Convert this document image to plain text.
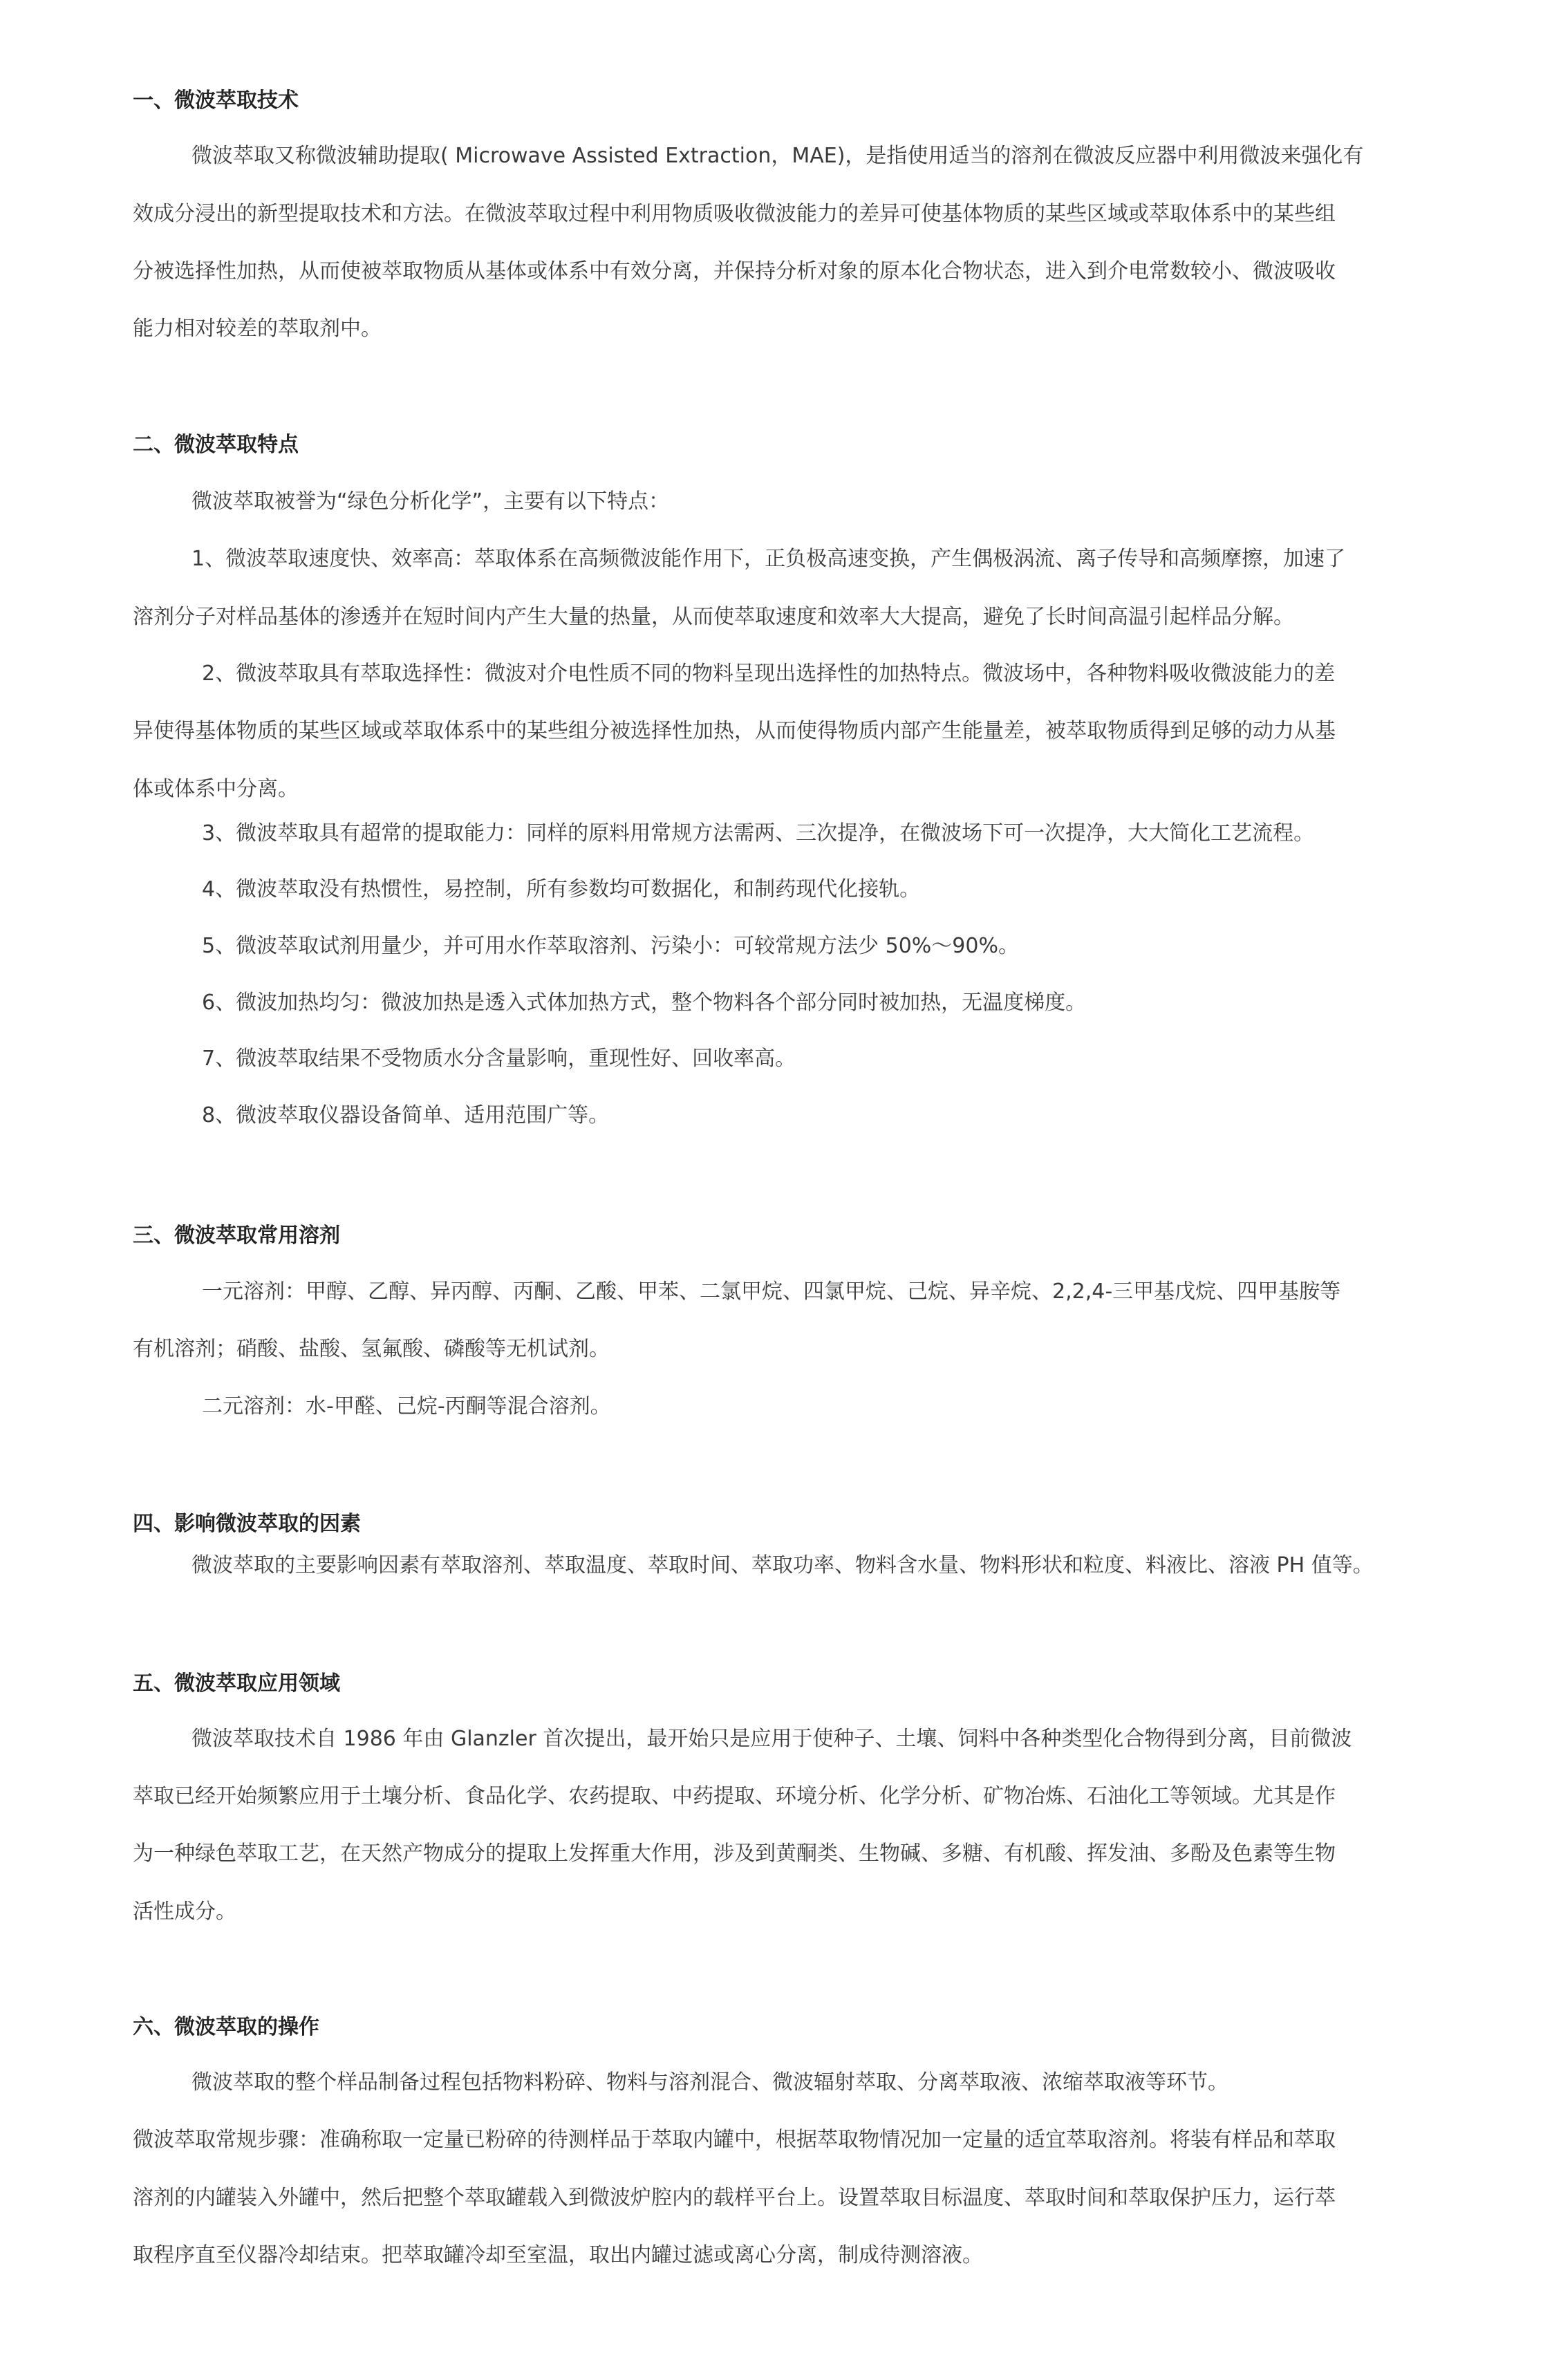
一、微波萃取技术

微波萃取又称微波辅助提取( Microwave Assisted Extraction，MAE)，是指使用适当的溶剂在微波反应器中利用微波来强化有

效成分浸出的新型提取技术和方法。在微波萃取过程中利用物质吸收微波能力的差异可使基体物质的某些区域或萃取体系中的某些组

分被选择性加热，从而使被萃取物质从基体或体系中有效分离，并保持分析对象的原本化合物状态，进入到介电常数较小、微波吸收

能力相对较差的萃取剂中。

二、微波萃取特点

微波萃取被誉为“绿色分析化学”，主要有以下特点：

1、微波萃取速度快、效率高：萃取体系在高频微波能作用下，正负极高速变换，产生偶极涡流、离子传导和高频摩擦，加速了

溶剂分子对样品基体的渗透并在短时间内产生大量的热量，从而使萃取速度和效率大大提高，避免了长时间高温引起样品分解。

2、微波萃取具有萃取选择性：微波对介电性质不同的物料呈现出选择性的加热特点。微波场中，各种物料吸收微波能力的差

异使得基体物质的某些区域或萃取体系中的某些组分被选择性加热，从而使得物质内部产生能量差，被萃取物质得到足够的动力从基

体或体系中分离。

3、微波萃取具有超常的提取能力：同样的原料用常规方法需两、三次提净，在微波场下可一次提净，大大简化工艺流程。

4、微波萃取没有热惯性，易控制，所有参数均可数据化，和制药现代化接轨。

5、微波萃取试剂用量少，并可用水作萃取溶剂、污染小：可较常规方法少 50%～90%。

6、微波加热均匀：微波加热是透入式体加热方式，整个物料各个部分同时被加热，无温度梯度。

7、微波萃取结果不受物质水分含量影响，重现性好、回收率高。

8、微波萃取仪器设备简单、适用范围广等。

三、微波萃取常用溶剂

一元溶剂：甲醇、乙醇、异丙醇、丙酮、乙酸、甲苯、二氯甲烷、四氯甲烷、己烷、异辛烷、2,2,4-三甲基戊烷、四甲基胺等

有机溶剂；硝酸、盐酸、氢氟酸、磷酸等无机试剂。

二元溶剂：水-甲醛、己烷-丙酮等混合溶剂。

四、影响微波萃取的因素

微波萃取的主要影响因素有萃取溶剂、萃取温度、萃取时间、萃取功率、物料含水量、物料形状和粒度、料液比、溶液 PH 值等。

五、微波萃取应用领域

微波萃取技术自 1986 年由 Glanzler 首次提出，最开始只是应用于使种子、土壤、饲料中各种类型化合物得到分离，目前微波

萃取已经开始频繁应用于土壤分析、食品化学、农药提取、中药提取、环境分析、化学分析、矿物冶炼、石油化工等领域。尤其是作

为一种绿色萃取工艺，在天然产物成分的提取上发挥重大作用，涉及到黄酮类、生物碱、多糖、有机酸、挥发油、多酚及色素等生物

活性成分。

六、微波萃取的操作

微波萃取的整个样品制备过程包括物料粉碎、物料与溶剂混合、微波辐射萃取、分离萃取液、浓缩萃取液等环节。

微波萃取常规步骤：准确称取一定量已粉碎的待测样品于萃取内罐中，根据萃取物情况加一定量的适宜萃取溶剂。将装有样品和萃取

溶剂的内罐装入外罐中，然后把整个萃取罐载入到微波炉腔内的载样平台上。设置萃取目标温度、萃取时间和萃取保护压力，运行萃

取程序直至仪器冷却结束。把萃取罐冷却至室温，取出内罐过滤或离心分离，制成待测溶液。
